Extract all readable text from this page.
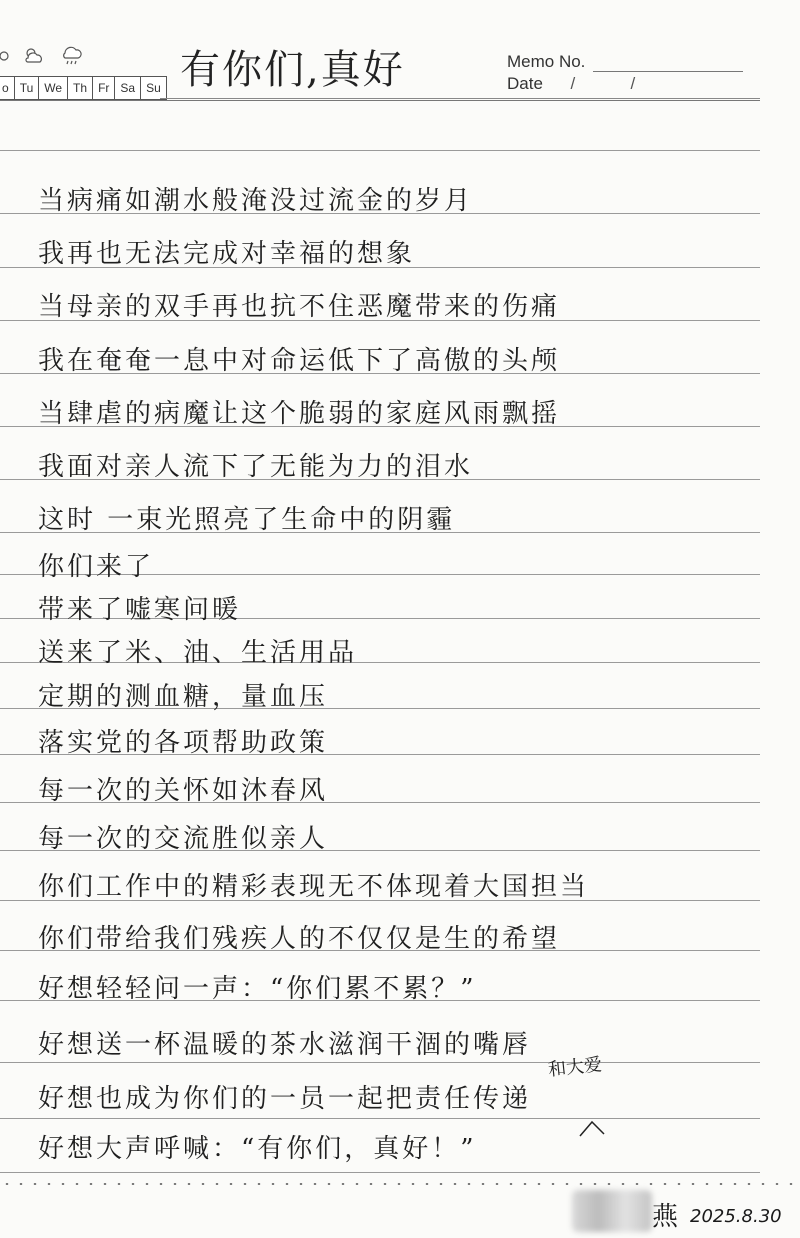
o Tu We Th Fr Sa Su 有你们,真好	Memo No.
Date	/	/
当病痛如潮水般淹没过流金的岁月
我再也无法完成对幸福的想象
当母亲的双手再也抗不住恶魔带来的伤痛
我在奄奄一息中对命运低下了高傲的头颅
当肆虐的病魔让这个脆弱的家庭风雨飘摇
我面对亲人流下了无能为力的泪水
这时 一束光照亮了生命中的阴霾
你们来了
带来了嘘寒问暖
送来了米、油、生活用品
定期的测血糖，量血压
落实党的各项帮助政策
每一次的关怀如沐春风
每一次的交流胜似亲人
你们工作中的精彩表现无不体现着大国担当
你们带给我们残疾人的不仅仅是生的希望
好想轻轻问一声：“你们累不累？”
好想送一杯温暖的茶水滋润干涸的嘴唇
好想也成为你们的一员一起把责任传递
好想大声呼喊：“有你们，真好！”
和大爱
燕 2025.8.30
